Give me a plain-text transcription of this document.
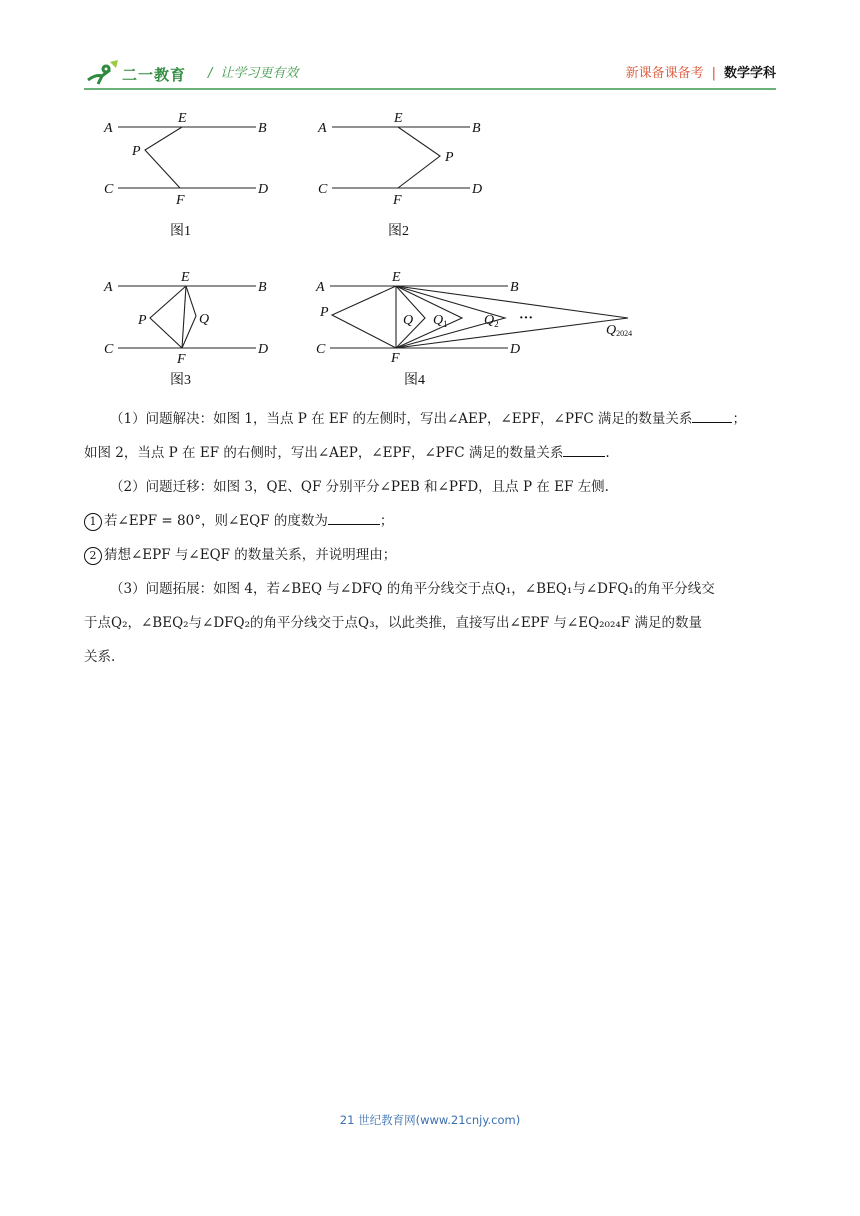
二一教育 / 让学习更有效	新课备课备考 | 数学学科
A	B
C	D
E
F
P
图1
A	B
C	D
E
F
P
图2
A	B
C	D
E
F
P	Q
图3
A	B
C	D
E
F
P
Q $Q_1$	$Q_2$ ···
Q2024
图4

（1）问题解决：如图 1，当点 P 在 EF 的左侧时，写出∠AEP，∠EPF，∠PFC 满足的数量关系	；

如图 2，当点 P 在 EF 的右侧时，写出∠AEP，∠EPF，∠PFC 满足的数量关系	.

（2）问题迁移：如图 3，QE、QF 分别平分∠PEB 和∠PFD，且点 P 在 EF 左侧.

1 若∠EPF = 80°，则∠EQF 的度数为	；

2 猜想∠EPF 与∠EQF 的数量关系，并说明理由；

（3）问题拓展：如图 4，若∠BEQ 与∠DFQ 的角平分线交于点Q₁，∠BEQ₁与∠DFQ₁的角平分线交

于点Q₂，∠BEQ₂与∠DFQ₂的角平分线交于点Q₃，以此类推，直接写出∠EPF 与∠EQ₂₀₂₄F 满足的数量

关系.

21 世纪教育网(www.21cnjy.com)
